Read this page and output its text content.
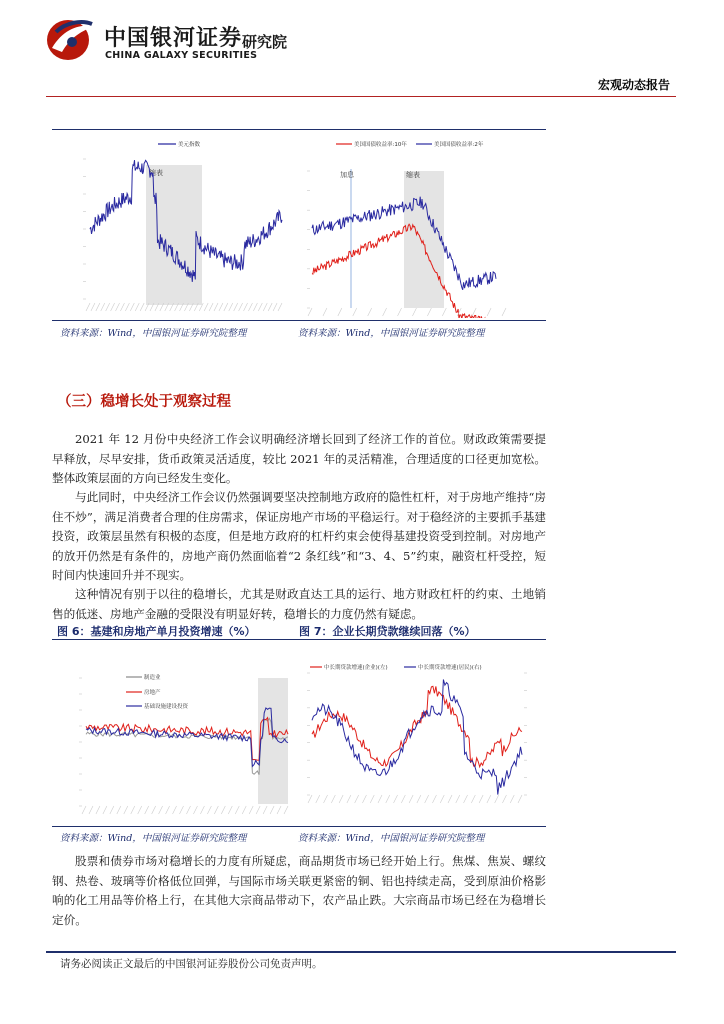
中国银河证券
CHINA GALAXY SECURITIES
研究院
宏观动态报告
美元指数
缩表
美国国债收益率:10年	美国国债收益率:2年
加息	缩表
资料来源：Wind，中国银河证券研究院整理	资料来源：Wind，中国银河证券研究院整理
（三）稳增长处于观察过程
2021 年 12 月份中央经济工作会议明确经济增长回到了经济工作的首位。财政政策需要提早释放，尽早安排，货币政策灵活适度，较比 2021 年的灵活精准，合理适度的口径更加宽松。整体政策层面的方向已经发生变化。
与此同时，中央经济工作会议仍然强调要坚决控制地方政府的隐性杠杆，对于房地产维持“房住不炒”，满足消费者合理的住房需求，保证房地产市场的平稳运行。对于稳经济的主要抓手基建投资，政策层虽然有积极的态度，但是地方政府的杠杆约束会使得基建投资受到控制。对房地产的放开仍然是有条件的，房地产商仍然面临着“2 条红线”和“3、4、5”约束，融资杠杆受控，短时间内快速回升并不现实。
这种情况有别于以往的稳增长，尤其是财政直达工具的运行、地方财政杠杆的约束、土地销售的低迷、房地产金融的受限没有明显好转，稳增长的力度仍然有疑虑。
图 6：基建和房地产单月投资增速（%）	图 7：企业长期贷款继续回落（%）
制造业
房地产
基础设施建设投资
中长期贷款增速(企业)(左)	中长期贷款增速(居民)(右)
资料来源：Wind，中国银河证券研究院整理	资料来源：Wind，中国银河证券研究院整理
股票和债券市场对稳增长的力度有所疑虑，商品期货市场已经开始上行。焦煤、焦炭、螺纹钢、热卷、玻璃等价格低位回弹，与国际市场关联更紧密的铜、铝也持续走高，受到原油价格影响的化工用品等价格上行，在其他大宗商品带动下，农产品止跌。大宗商品市场已经在为稳增长定价。
请务必阅读正文最后的中国银河证券股份公司免责声明。
